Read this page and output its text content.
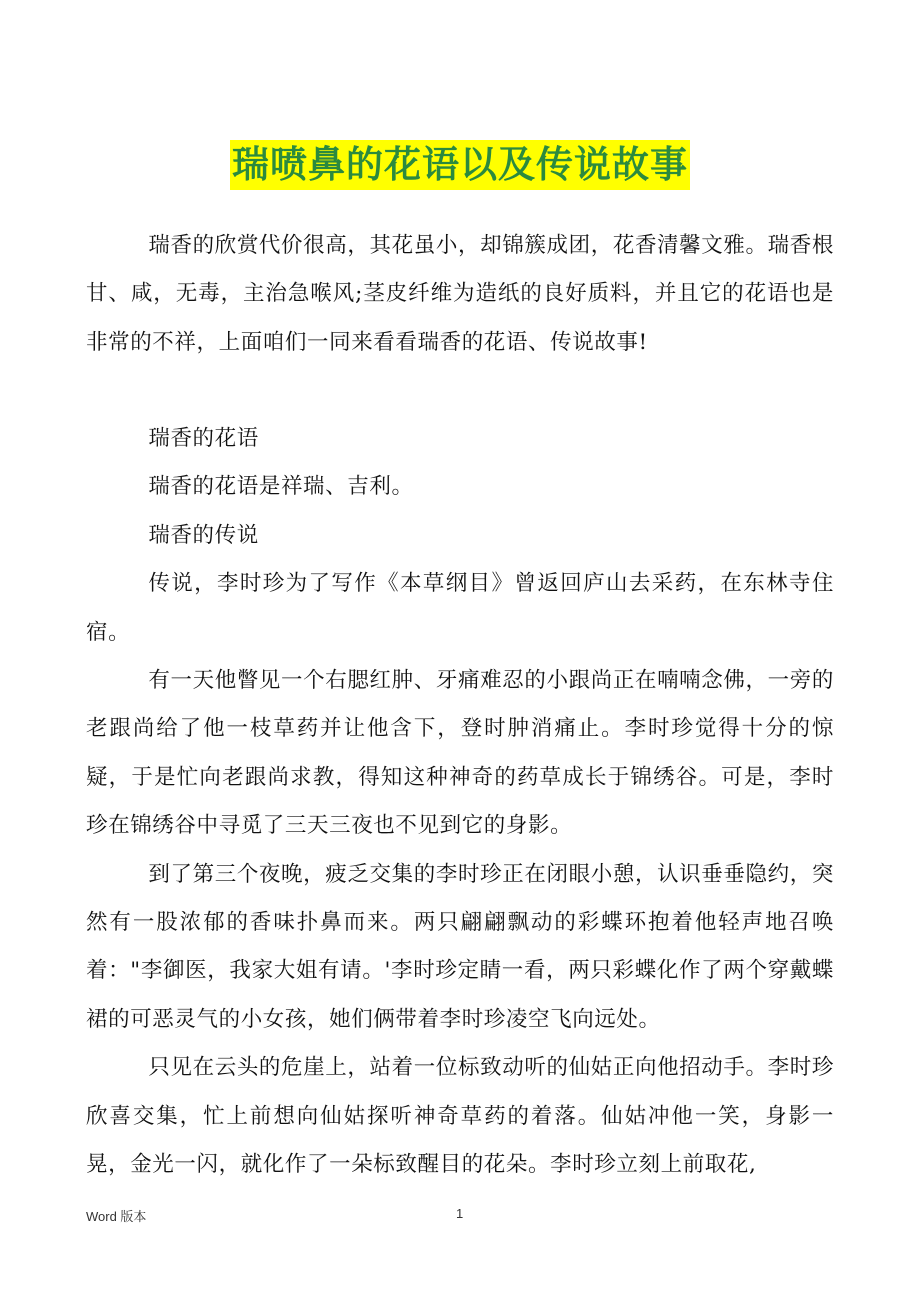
瑞喷鼻的花语以及传说故事

瑞香的欣赏代价很高，其花虽小，却锦簇成团，花香清馨文雅。瑞香根甘、咸，无毒，主治急喉风;茎皮纤维为造纸的良好质料，并且它的花语也是非常的不祥，上面咱们一同来看看瑞香的花语、传说故事!

瑞香的花语

瑞香的花语是祥瑞、吉利。

瑞香的传说

传说，李时珍为了写作《本草纲目》曾返回庐山去采药，在东林寺住宿。

有一天他瞥见一个右腮红肿、牙痛难忍的小跟尚正在喃喃念佛，一旁的老跟尚给了他一枝草药并让他含下，登时肿消痛止。李时珍觉得十分的惊疑，于是忙向老跟尚求教，得知这种神奇的药草成长于锦绣谷。可是，李时珍在锦绣谷中寻觅了三天三夜也不见到它的身影。

到了第三个夜晚，疲乏交集的李时珍正在闭眼小憩，认识垂垂隐约，突然有一股浓郁的香味扑鼻而来。两只翩翩飘动的彩蝶环抱着他轻声地召唤着："李御医，我家大姐有请。'李时珍定睛一看，两只彩蝶化作了两个穿戴蝶裙的可恶灵气的小女孩，她们俩带着李时珍凌空飞向远处。

只见在云头的危崖上，站着一位标致动听的仙姑正向他招动手。李时珍欣喜交集，忙上前想向仙姑探听神奇草药的着落。仙姑冲他一笑，身影一晃，金光一闪，就化作了一朵标致醒目的花朵。李时珍立刻上前取花,

Word 版本	1
